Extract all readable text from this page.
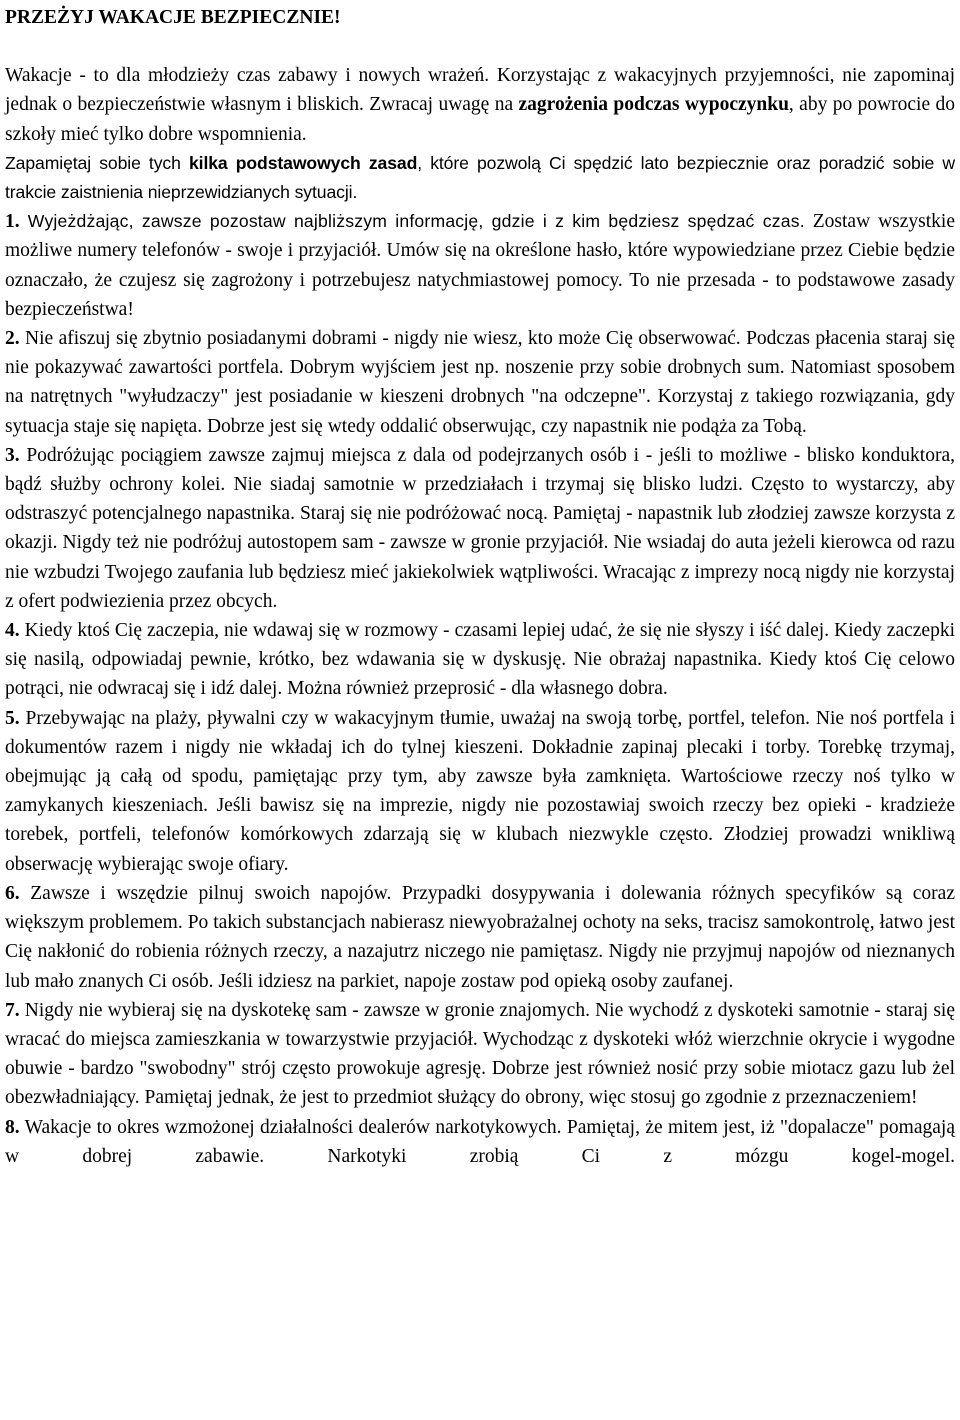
PRZEŻYJ WAKACJE BEZPIECZNIE!

Wakacje - to dla młodzieży czas zabawy i nowych wrażeń. Korzystając z wakacyjnych przyjemności, nie zapominaj jednak o bezpieczeństwie własnym i bliskich. Zwracaj uwagę na zagrożenia podczas wypoczynku, aby po powrocie do szkoły mieć tylko dobre wspomnienia.

Zapamiętaj sobie tych kilka podstawowych zasad, które pozwolą Ci spędzić lato bezpiecznie oraz poradzić sobie w trakcie zaistnienia nieprzewidzianych sytuacji.

1. Wyjeżdżając, zawsze pozostaw najbliższym informację, gdzie i z kim będziesz spędzać czas. Zostaw wszystkie możliwe numery telefonów - swoje i przyjaciół. Umów się na określone hasło, które wypowiedziane przez Ciebie będzie oznaczało, że czujesz się zagrożony i potrzebujesz natychmiastowej pomocy. To nie przesada - to podstawowe zasady bezpieczeństwa!

2. Nie afiszuj się zbytnio posiadanymi dobrami - nigdy nie wiesz, kto może Cię obserwować. Podczas płacenia staraj się nie pokazywać zawartości portfela. Dobrym wyjściem jest np. noszenie przy sobie drobnych sum. Natomiast sposobem na natrętnych "wyłudzaczy" jest posiadanie w kieszeni drobnych "na odczepne". Korzystaj z takiego rozwiązania, gdy sytuacja staje się napięta. Dobrze jest się wtedy oddalić obserwując, czy napastnik nie podąża za Tobą.

3. Podróżując pociągiem zawsze zajmuj miejsca z dala od podejrzanych osób i - jeśli to możliwe - blisko konduktora, bądź służby ochrony kolei. Nie siadaj samotnie w przedziałach i trzymaj się blisko ludzi. Często to wystarczy, aby odstraszyć potencjalnego napastnika. Staraj się nie podróżować nocą. Pamiętaj - napastnik lub złodziej zawsze korzysta z okazji. Nigdy też nie podróżuj autostopem sam - zawsze w gronie przyjaciół. Nie wsiadaj do auta jeżeli kierowca od razu nie wzbudzi Twojego zaufania lub będziesz mieć jakiekolwiek wątpliwości. Wracając z imprezy nocą nigdy nie korzystaj z ofert podwiezienia przez obcych.

4. Kiedy ktoś Cię zaczepia, nie wdawaj się w rozmowy - czasami lepiej udać, że się nie słyszy i iść dalej. Kiedy zaczepki się nasilą, odpowiadaj pewnie, krótko, bez wdawania się w dyskusję. Nie obrażaj napastnika. Kiedy ktoś Cię celowo potrąci, nie odwracaj się i idź dalej. Można również przeprosić - dla własnego dobra.

5. Przebywając na plaży, pływalni czy w wakacyjnym tłumie, uważaj na swoją torbę, portfel, telefon. Nie noś portfela i dokumentów razem i nigdy nie wkładaj ich do tylnej kieszeni. Dokładnie zapinaj plecaki i torby. Torebkę trzymaj, obejmując ją całą od spodu, pamiętając przy tym, aby zawsze była zamknięta. Wartościowe rzeczy noś tylko w zamykanych kieszeniach. Jeśli bawisz się na imprezie, nigdy nie pozostawiaj swoich rzeczy bez opieki - kradzieże torebek, portfeli, telefonów komórkowych zdarzają się w klubach niezwykle często. Złodziej prowadzi wnikliwą obserwację wybierając swoje ofiary.

6. Zawsze i wszędzie pilnuj swoich napojów. Przypadki dosypywania i dolewania różnych specyfików są coraz większym problemem. Po takich substancjach nabierasz niewyobrażalnej ochoty na seks, tracisz samokontrolę, łatwo jest Cię nakłonić do robienia różnych rzeczy, a nazajutrz niczego nie pamiętasz. Nigdy nie przyjmuj napojów od nieznanych lub mało znanych Ci osób. Jeśli idziesz na parkiet, napoje zostaw pod opieką osoby zaufanej.

7. Nigdy nie wybieraj się na dyskotekę sam - zawsze w gronie znajomych. Nie wychodź z dyskoteki samotnie - staraj się wracać do miejsca zamieszkania w towarzystwie przyjaciół. Wychodząc z dyskoteki włóż wierzchnie okrycie i wygodne obuwie - bardzo "swobodny" strój często prowokuje agresję. Dobrze jest również nosić przy sobie miotacz gazu lub żel obezwładniający. Pamiętaj jednak, że jest to przedmiot służący do obrony, więc stosuj go zgodnie z przeznaczeniem!

8. Wakacje to okres wzmożonej działalności dealerów narkotykowych. Pamiętaj, że mitem jest, iż "dopalacze" pomagają w dobrej zabawie. Narkotyki zrobią Ci z mózgu kogel-mogel.
